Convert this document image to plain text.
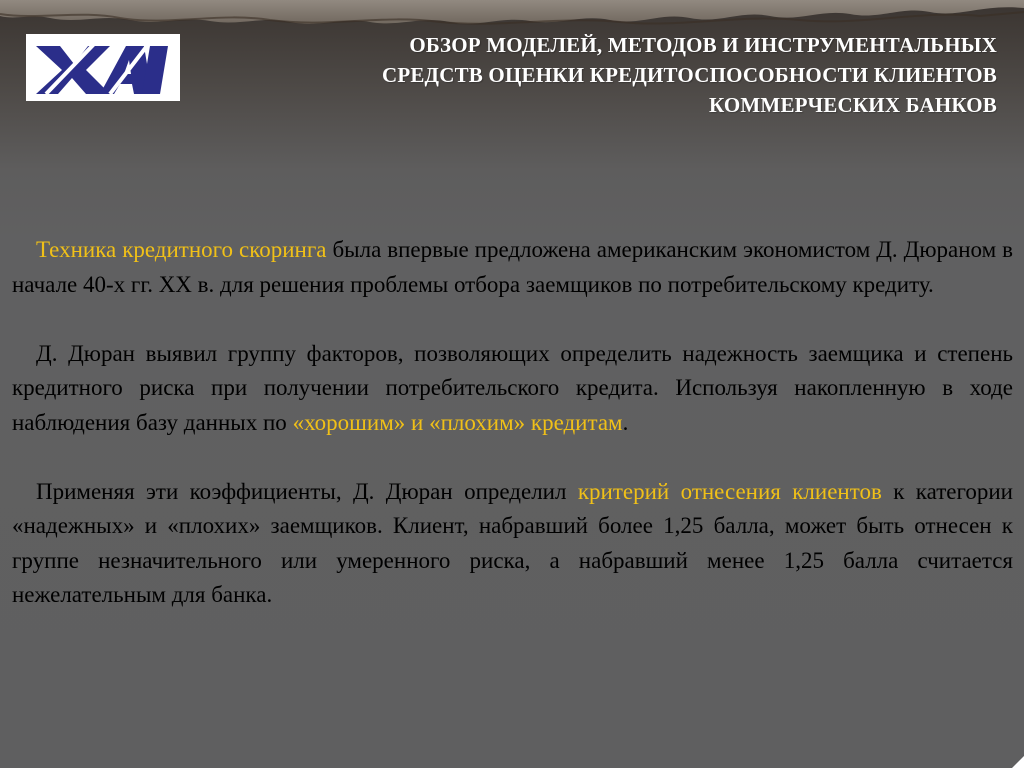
ОБЗОР МОДЕЛЕЙ, МЕТОДОВ И ИНСТРУМЕНТАЛЬНЫХ
СРЕДСТВ ОЦЕНКИ КРЕДИТОСПОСОБНОСТИ КЛИЕНТОВ
КОММЕРЧЕСКИХ БАНКОВ

Техника кредитного скоринга была впервые предложена американским экономистом Д. Дюраном в начале 40-х гг. XX в. для решения проблемы отбора заемщиков по потребительскому кредиту.

Д. Дюран выявил группу факторов, позволяющих определить надежность заемщика и степень кредитного риска при получении потребительского кредита. Используя накопленную в ходе наблюдения базу данных по «хорошим» и «плохим» кредитам.

Применяя эти коэффициенты, Д. Дюран определил критерий отнесения клиентов к категории «надежных» и «плохих» заемщиков. Клиент, набравший более 1,25 балла, может быть отнесен к группе незначительного или умеренного риска, а набравший менее 1,25 балла считается нежелательным для банка.
